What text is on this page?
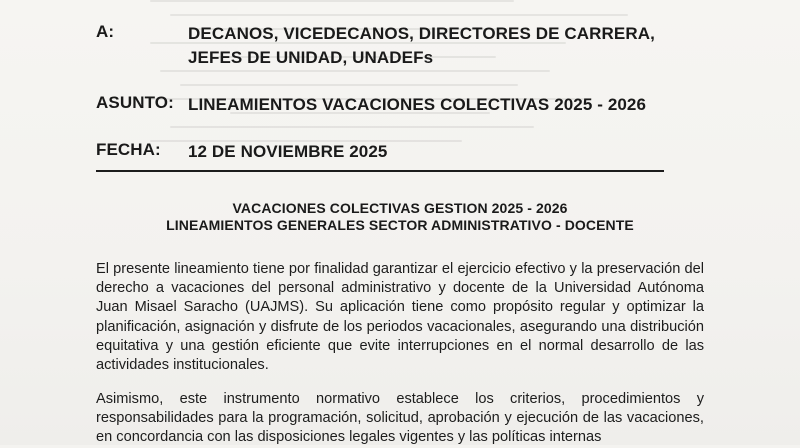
A:	DECANOS, VICEDECANOS, DIRECTORES DE CARRERA, JEFES DE UNIDAD, UNADEFs
ASUNTO: LINEAMIENTOS VACACIONES COLECTIVAS 2025 - 2026
FECHA:	12 DE NOVIEMBRE 2025
VACACIONES COLECTIVAS GESTION 2025 - 2026
LINEAMIENTOS GENERALES SECTOR ADMINISTRATIVO - DOCENTE
El presente lineamiento tiene por finalidad garantizar el ejercicio efectivo y la preservación del derecho a vacaciones del personal administrativo y docente de la Universidad Autónoma Juan Misael Saracho (UAJMS). Su aplicación tiene como propósito regular y optimizar la planificación, asignación y disfrute de los periodos vacacionales, asegurando una distribución equitativa y una gestión eficiente que evite interrupciones en el normal desarrollo de las actividades institucionales.
Asimismo, este instrumento normativo establece los criterios, procedimientos y responsabilidades para la programación, solicitud, aprobación y ejecución de las vacaciones, en concordancia con las disposiciones legales vigentes y las políticas internas
